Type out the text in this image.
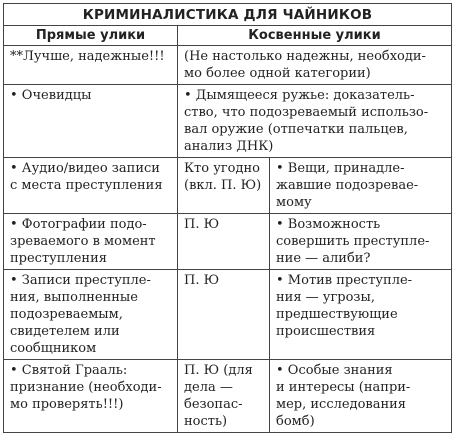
КРИМИНАЛИСТИКА ДЛЯ ЧАЙНИКОВ		
Прямые улики	Косвенные улики	

**Лучше, надежные!!!	(Не настолько надежны, необходи-
мо более одной категории)	

• Очевидцы	• Дымящееся ружье: доказатель-
ство, что подозреваемый использо-
вал оружие (отпечатки пальцев,
анализ ДНК)	

• Аудио/видео записи
с места преступления	Кто угодно
(вкл. П. Ю)	• Вещи, принадле-
жавшие подозревае-
мому

• Фотографии подо-
зреваемого в момент
преступления	П. Ю	• Возможность
совершить преступле-
ние — алиби?

• Записи преступле-
ния, выполненные
подозреваемым,
свидетелем или
сообщником	П. Ю	• Мотив преступле-
ния — угрозы,
предшествующие
происшествия

• Святой Грааль:
признание (необходи-
мо проверять!!!)	П. Ю (для
дела —
безопас-
ность)	• Особые знания
и интересы (напри-
мер, исследования
бомб)
